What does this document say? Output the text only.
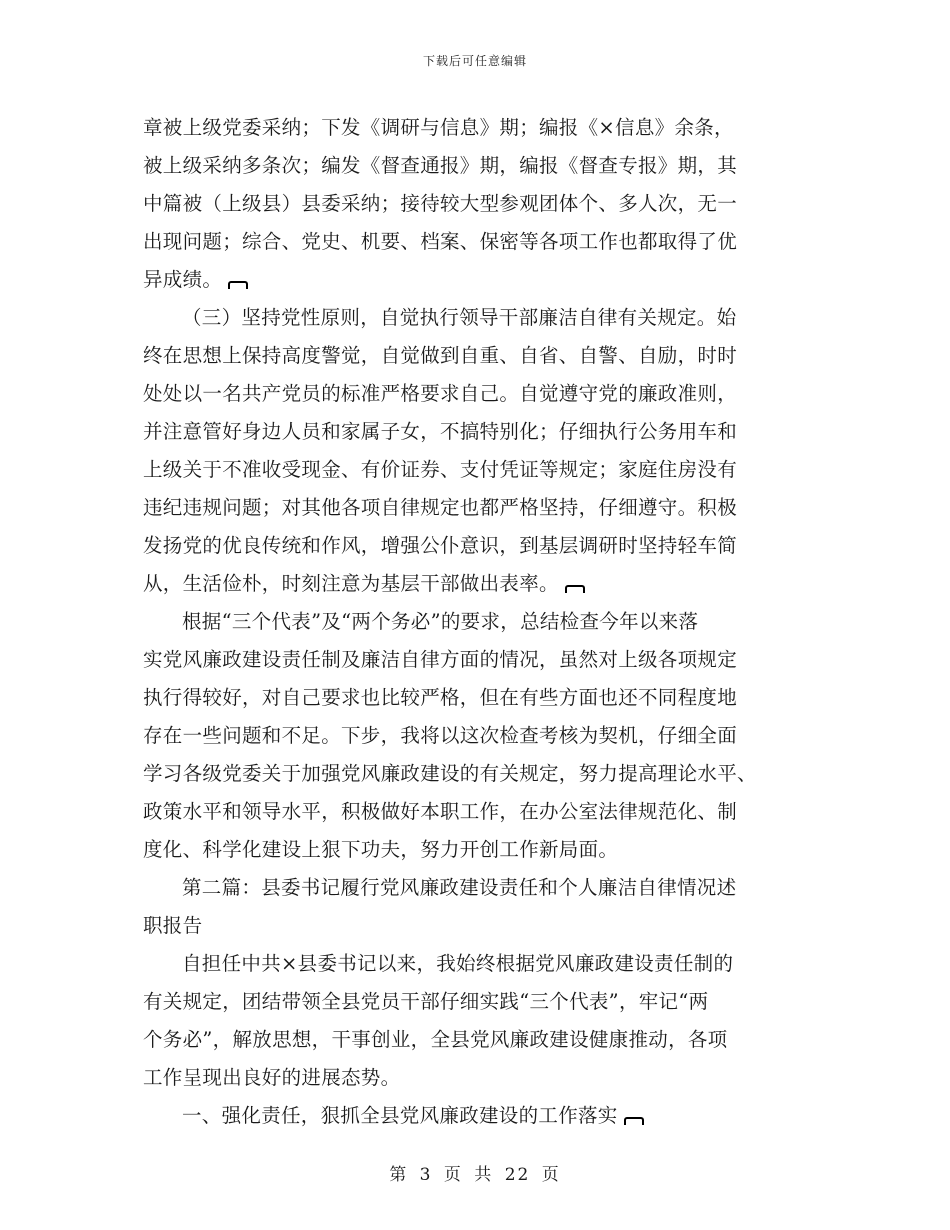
下载后可任意编辑
章被上级党委采纳；下发《调研与信息》期；编报《×信息》余条，
被上级采纳多条次；编发《督查通报》期，编报《督查专报》期，其
中篇被（上级县）县委采纳；接待较大型参观团体个、多人次，无一
出现问题；综合、党史、机要、档案、保密等各项工作也都取得了优
异成绩。
（三）坚持党性原则，自觉执行领导干部廉洁自律有关规定。始
终在思想上保持高度警觉，自觉做到自重、自省、自警、自励，时时
处处以一名共产党员的标准严格要求自己。自觉遵守党的廉政准则，
并注意管好身边人员和家属子女，不搞特别化；仔细执行公务用车和
上级关于不准收受现金、有价证券、支付凭证等规定；家庭住房没有
违纪违规问题；对其他各项自律规定也都严格坚持，仔细遵守。积极
发扬党的优良传统和作风，增强公仆意识，到基层调研时坚持轻车简
从，生活俭朴，时刻注意为基层干部做出表率。
根据“三个代表”及“两个务必”的要求，总结检查今年以来落
实党风廉政建设责任制及廉洁自律方面的情况，虽然对上级各项规定
执行得较好，对自己要求也比较严格，但在有些方面也还不同程度地
存在一些问题和不足。下步，我将以这次检查考核为契机，仔细全面
学习各级党委关于加强党风廉政建设的有关规定，努力提高理论水平、
政策水平和领导水平，积极做好本职工作，在办公室法律规范化、制
度化、科学化建设上狠下功夫，努力开创工作新局面。
第二篇：县委书记履行党风廉政建设责任和个人廉洁自律情况述
职报告
自担任中共×县委书记以来，我始终根据党风廉政建设责任制的
有关规定，团结带领全县党员干部仔细实践“三个代表”，牢记“两
个务必”，解放思想，干事创业，全县党风廉政建设健康推动，各项
工作呈现出良好的进展态势。
一、强化责任，狠抓全县党风廉政建设的工作落实
第 3 页 共 22 页
